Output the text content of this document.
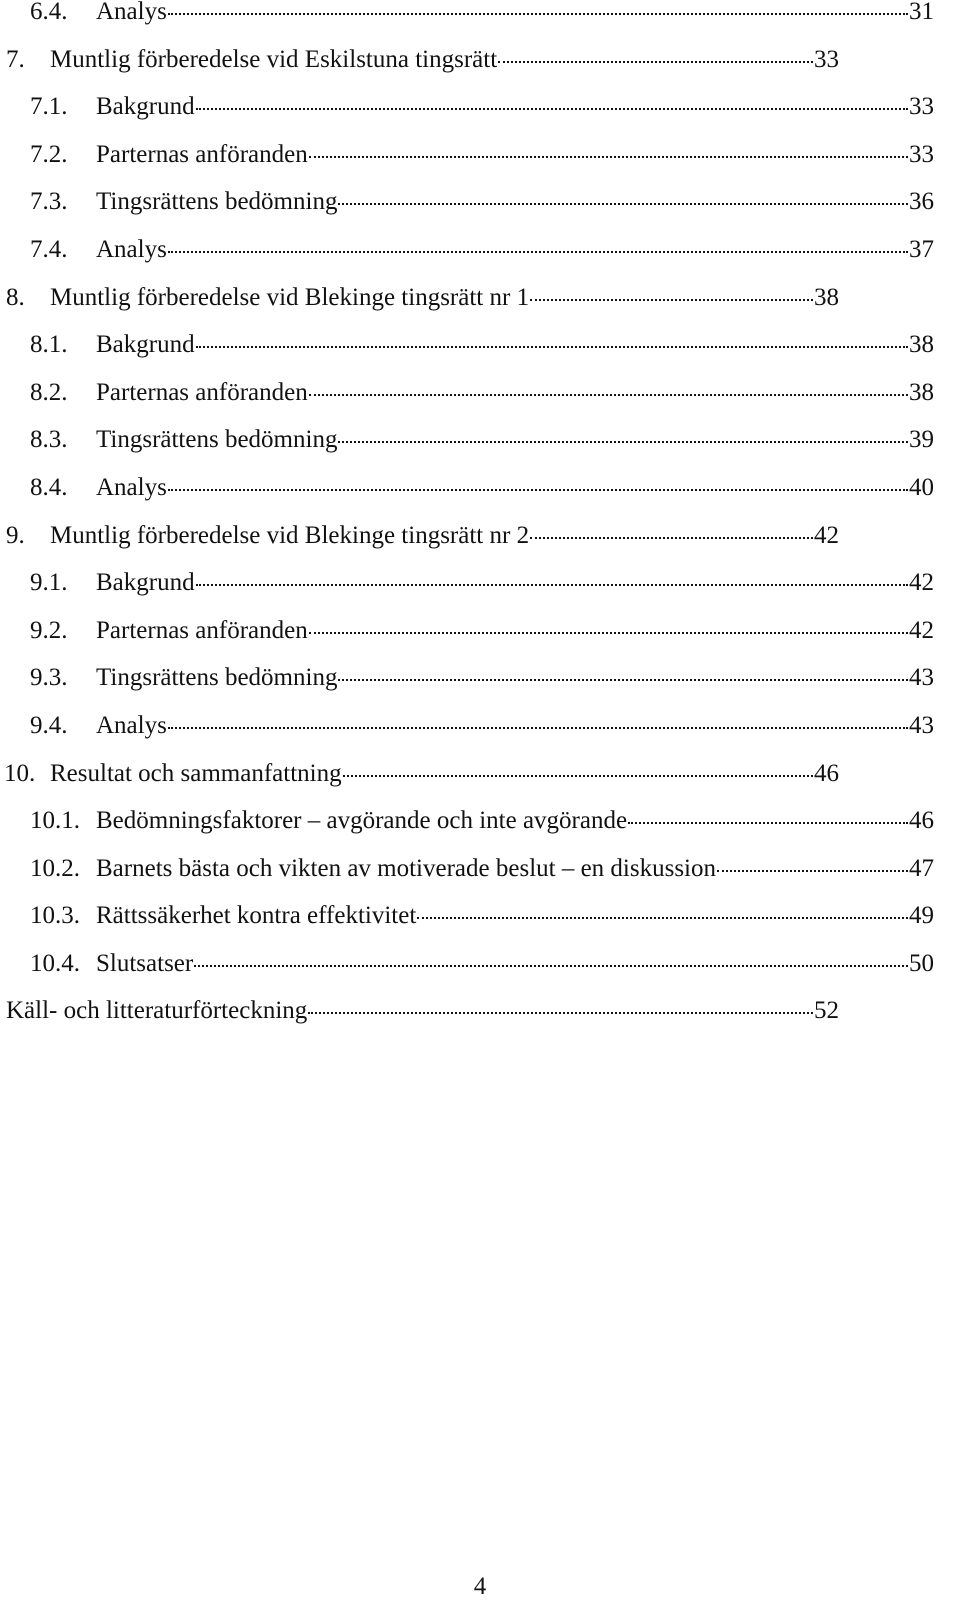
6.4. Analys	31
7. Muntlig förberedelse vid Eskilstuna tingsrätt	33
7.1. Bakgrund	33
7.2. Parternas anföranden	33
7.3. Tingsrättens bedömning	36
7.4. Analys	37
8. Muntlig förberedelse vid Blekinge tingsrätt nr 1	38
8.1. Bakgrund	38
8.2. Parternas anföranden	38
8.3. Tingsrättens bedömning	39
8.4. Analys	40
9. Muntlig förberedelse vid Blekinge tingsrätt nr 2	42
9.1. Bakgrund	42
9.2. Parternas anföranden	42
9.3. Tingsrättens bedömning	43
9.4. Analys	43
10. Resultat och sammanfattning	46
10.1. Bedömningsfaktorer – avgörande och inte avgörande	46
10.2. Barnets bästa och vikten av motiverade beslut – en diskussion	47
10.3. Rättssäkerhet kontra effektivitet	49
10.4. Slutsatser	50
Käll- och litteraturförteckning	52
4
